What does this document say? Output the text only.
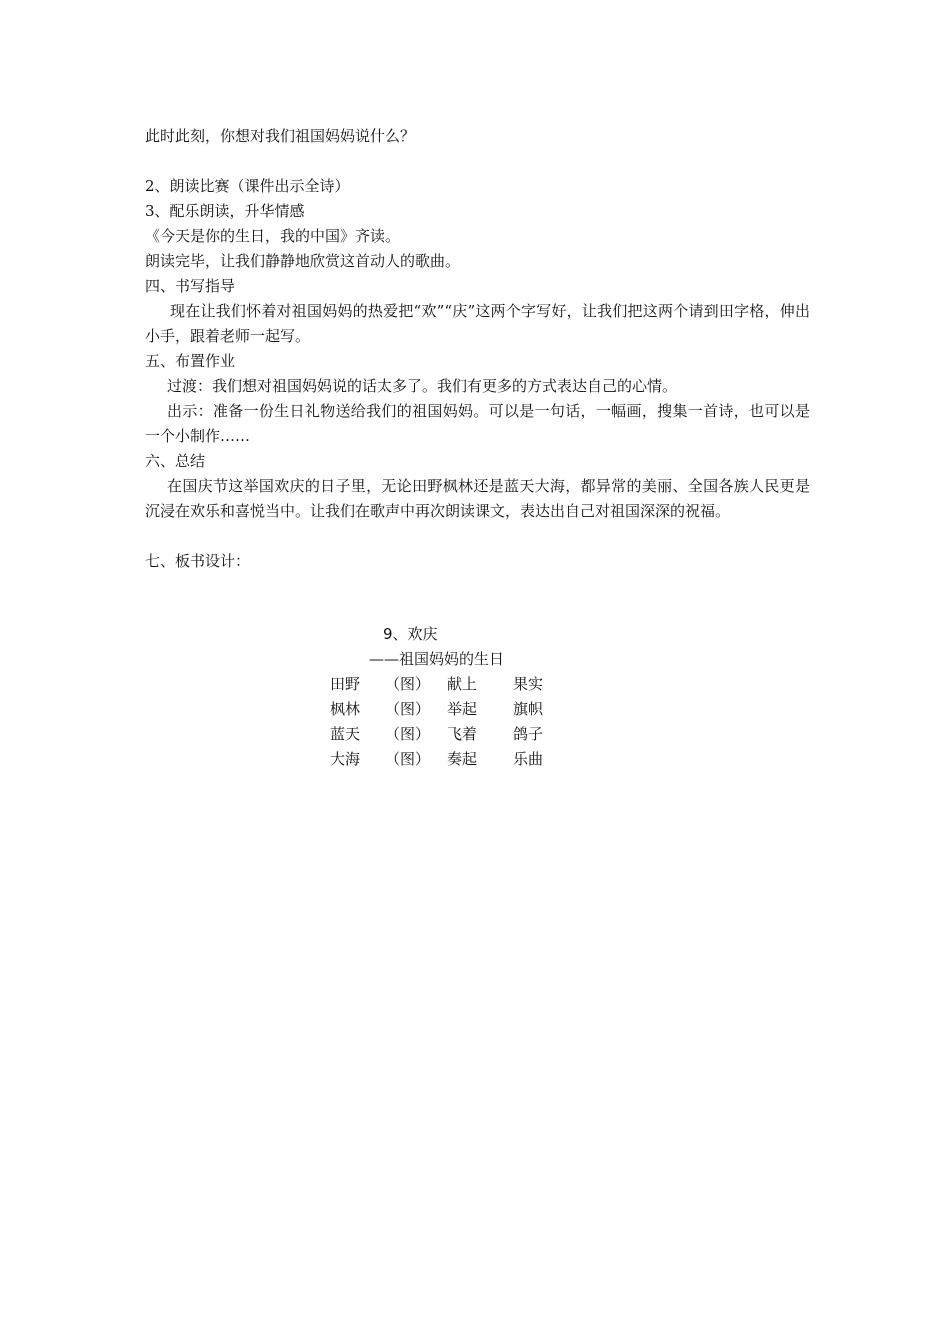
此时此刻，你想对我们祖国妈妈说什么？
2、朗读比赛（课件出示全诗）
3、配乐朗读，升华情感
《今天是你的生日，我的中国》齐读。
朗读完毕，让我们静静地欣赏这首动人的歌曲。
四、书写指导
现在让我们怀着对祖国妈妈的热爱把“欢”“庆”这两个字写好，让我们把这两个请到田字格，伸出小手，跟着老师一起写。
五、布置作业
过渡：我们想对祖国妈妈说的话太多了。我们有更多的方式表达自己的心情。
出示：准备一份生日礼物送给我们的祖国妈妈。可以是一句话，一幅画，搜集一首诗，也可以是一个小制作……
六、总结
在国庆节这举国欢庆的日子里，无论田野枫林还是蓝天大海，都异常的美丽、全国各族人民更是沉浸在欢乐和喜悦当中。让我们在歌声中再次朗读课文，表达出自己对祖国深深的祝福。
七、板书设计：
9、欢庆
——祖国妈妈的生日
田野 （图） 献上 果实
枫林 （图） 举起 旗帜
蓝天 （图） 飞着 鸽子
大海 （图） 奏起 乐曲
